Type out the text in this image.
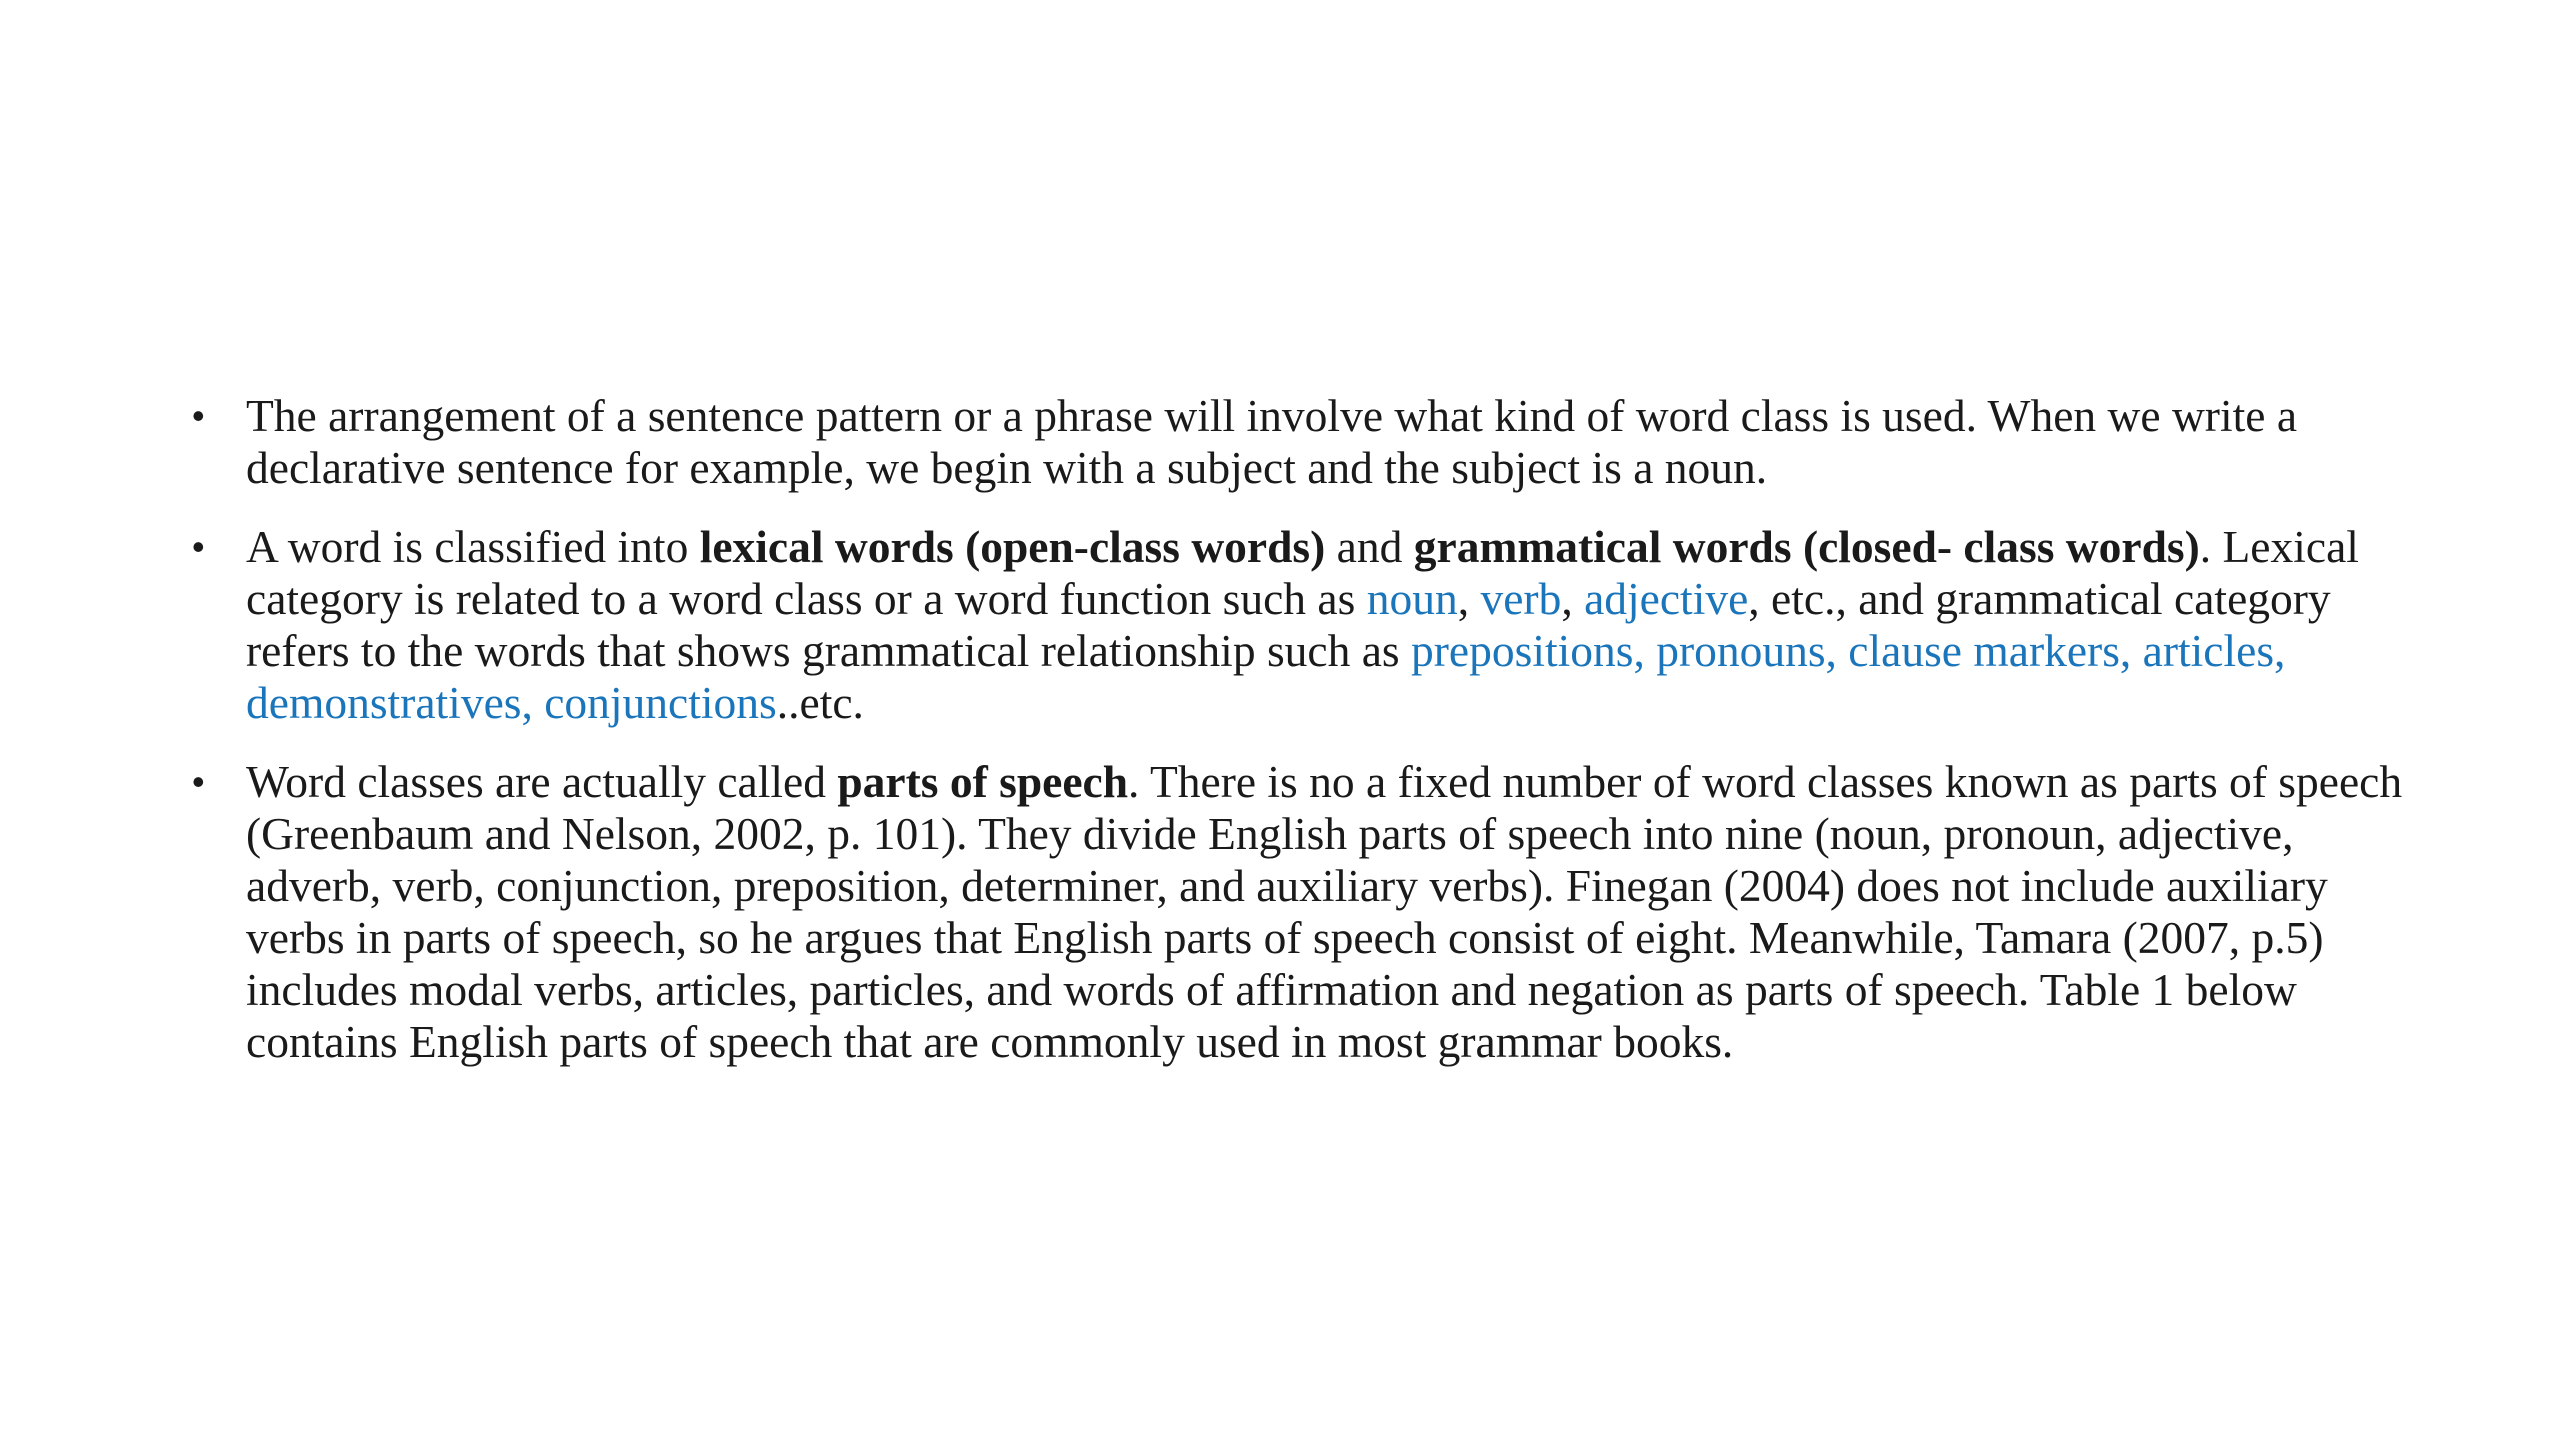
• The arrangement of a sentence pattern or a phrase will involve what kind of word class is used. When we write a declarative sentence for example, we begin with a subject and the subject is a noun.
• A word is classified into lexical words (open-class words) and grammatical words (closed- class words). Lexical category is related to a word class or a word function such as noun, verb, adjective, etc., and grammatical category refers to the words that shows grammatical relationship such as prepositions, pronouns, clause markers, articles, demonstratives, conjunctions..etc.
• Word classes are actually called parts of speech. There is no a fixed number of word classes known as parts of speech (Greenbaum and Nelson, 2002, p. 101). They divide English parts of speech into nine (noun, pronoun, adjective, adverb, verb, conjunction, preposition, determiner, and auxiliary verbs). Finegan (2004) does not include auxiliary verbs in parts of speech, so he argues that English parts of speech consist of eight. Meanwhile, Tamara (2007, p.5) includes modal verbs, articles, particles, and words of affirmation and negation as parts of speech. Table 1 below contains English parts of speech that are commonly used in most grammar books.
